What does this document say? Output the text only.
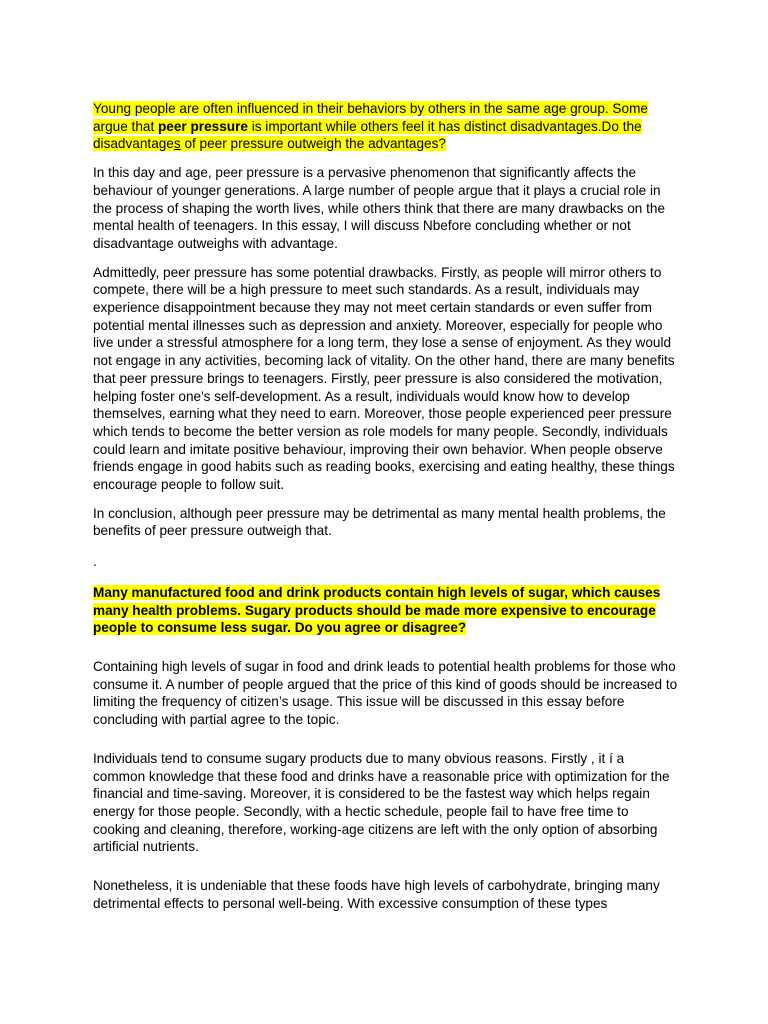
Young people are often influenced in their behaviors by others in the same age group. Some argue that peer pressure is important while others feel it has distinct disadvantages.Do the disadvantages of peer pressure outweigh the advantages?

In this day and age, peer pressure is a pervasive phenomenon that significantly affects the behaviour of younger generations. A large number of people argue that it plays a crucial role in the process of shaping the worth lives, while others think that there are many drawbacks on the mental health of teenagers. In this essay, I will discuss Nbefore concluding whether or not disadvantage outweighs with advantage.

Admittedly, peer pressure has some potential drawbacks. Firstly, as people will mirror others to compete, there will be a high pressure to meet such standards. As a result, individuals may experience disappointment because they may not meet certain standards or even suffer from potential mental illnesses such as depression and anxiety. Moreover, especially for people who live under a stressful atmosphere for a long term, they lose a sense of enjoyment. As they would not engage in any activities, becoming lack of vitality. On the other hand, there are many benefits that peer pressure brings to teenagers. Firstly, peer pressure is also considered the motivation, helping foster one's self-development. As a result, individuals would know how to develop themselves, earning what they need to earn. Moreover, those people experienced peer pressure which tends to become the better version as role models for many people. Secondly, individuals could learn and imitate positive behaviour, improving their own behavior. When people observe friends engage in good habits such as reading books, exercising and eating healthy, these things encourage people to follow suit.

In conclusion, although peer pressure may be detrimental as many mental health problems, the benefits of peer pressure outweigh that.

.

Many manufactured food and drink products contain high levels of sugar, which causes many health problems. Sugary products should be made more expensive to encourage people to consume less sugar. Do you agree or disagree?

Containing high levels of sugar in food and drink leads to potential health problems for those who consume it. A number of people argued that the price of this kind of goods should be increased to limiting the frequency of citizen’s usage. This issue will be discussed in this essay before concluding with partial agree to the topic.

Individuals tend to consume sugary products due to many obvious reasons. Firstly , it í a common knowledge that these food and drinks have a reasonable price with optimization for the financial and time-saving. Moreover, it is considered to be the fastest way which helps regain energy for those people. Secondly, with a hectic schedule, people fail to have free time to cooking and cleaning, therefore, working-age citizens are left with the only option of absorbing artificial nutrients.

Nonetheless, it is undeniable that these foods have high levels of carbohydrate, bringing many detrimental effects to personal well-being. With excessive consumption of these types
